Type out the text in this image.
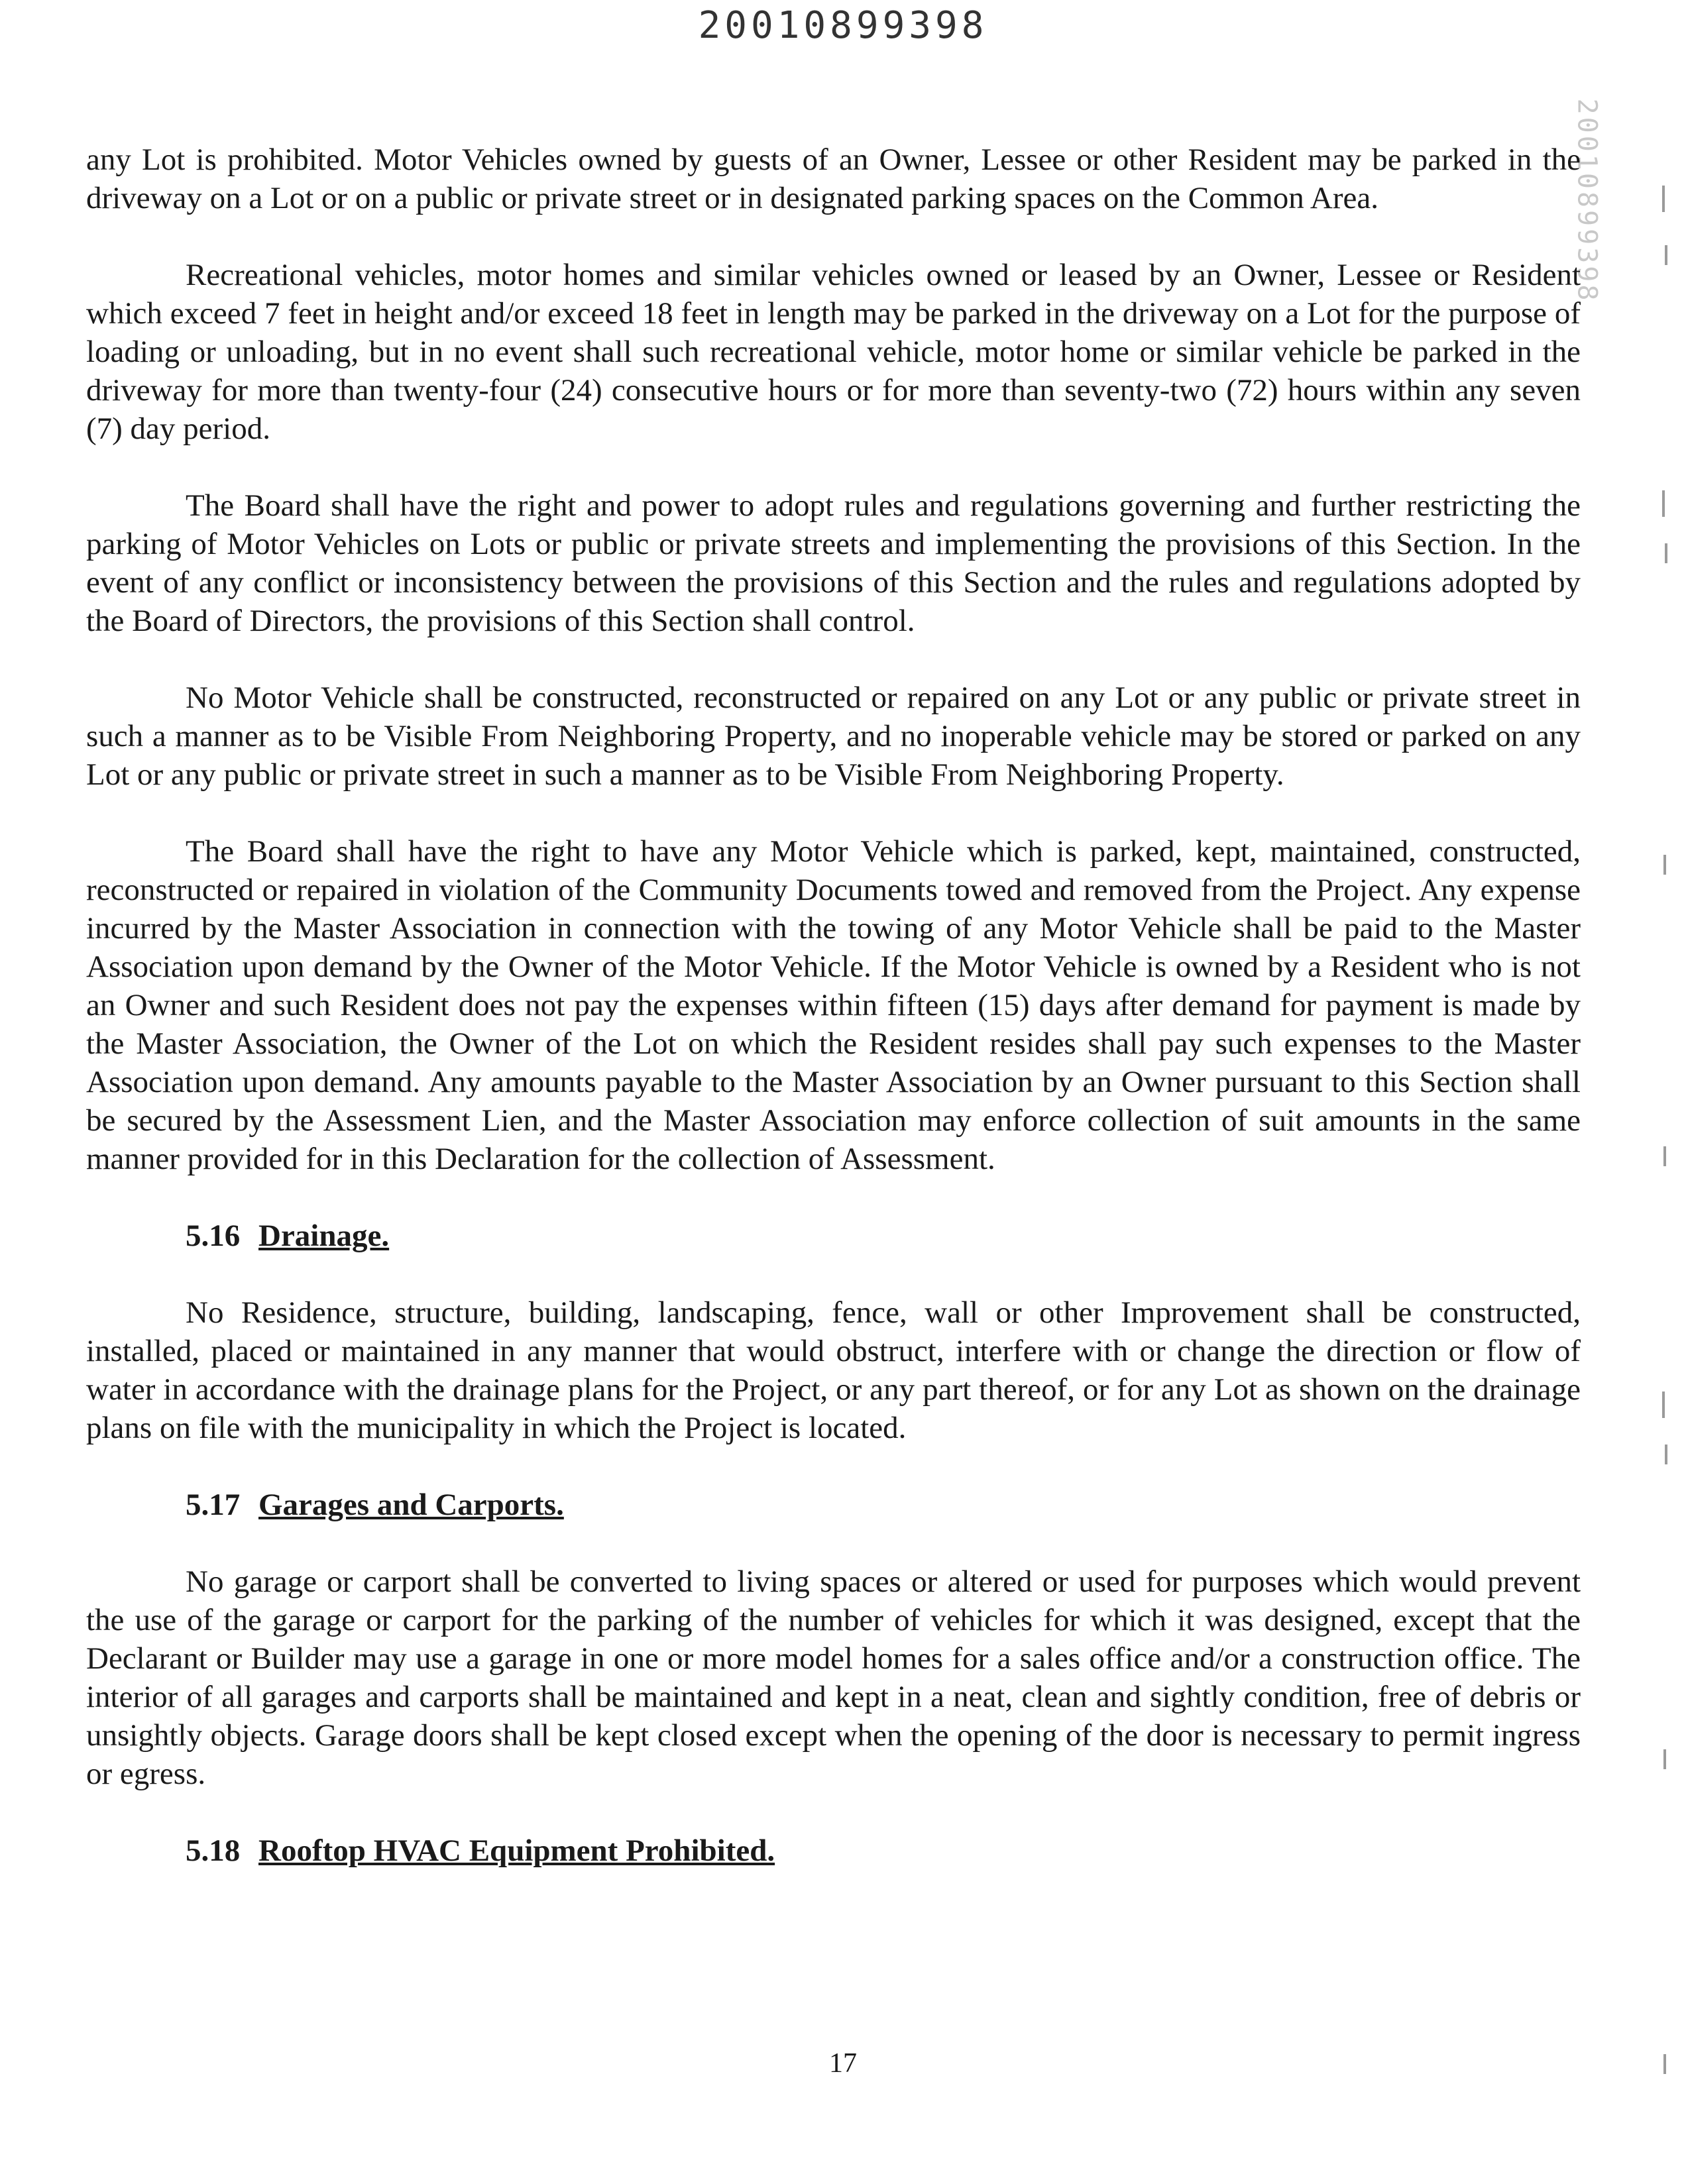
20010899398
20010899398

any Lot is prohibited. Motor Vehicles owned by guests of an Owner, Lessee or other Resident may be parked in the driveway on a Lot or on a public or private street or in designated parking spaces on the Common Area.

Recreational vehicles, motor homes and similar vehicles owned or leased by an Owner, Lessee or Resident which exceed 7 feet in height and/or exceed 18 feet in length may be parked in the driveway on a Lot for the purpose of loading or unloading, but in no event shall such recreational vehicle, motor home or similar vehicle be parked in the driveway for more than twenty-four (24) consecutive hours or for more than seventy-two (72) hours within any seven (7) day period.

The Board shall have the right and power to adopt rules and regulations governing and further restricting the parking of Motor Vehicles on Lots or public or private streets and implementing the provisions of this Section. In the event of any conflict or inconsistency between the provisions of this Section and the rules and regulations adopted by the Board of Directors, the provisions of this Section shall control.

No Motor Vehicle shall be constructed, reconstructed or repaired on any Lot or any public or private street in such a manner as to be Visible From Neighboring Property, and no inoperable vehicle may be stored or parked on any Lot or any public or private street in such a manner as to be Visible From Neighboring Property.

The Board shall have the right to have any Motor Vehicle which is parked, kept, maintained, constructed, reconstructed or repaired in violation of the Community Documents towed and removed from the Project. Any expense incurred by the Master Association in connection with the towing of any Motor Vehicle shall be paid to the Master Association upon demand by the Owner of the Motor Vehicle. If the Motor Vehicle is owned by a Resident who is not an Owner and such Resident does not pay the expenses within fifteen (15) days after demand for payment is made by the Master Association, the Owner of the Lot on which the Resident resides shall pay such expenses to the Master Association upon demand. Any amounts payable to the Master Association by an Owner pursuant to this Section shall be secured by the Assessment Lien, and the Master Association may enforce collection of suit amounts in the same manner provided for in this Declaration for the collection of Assessment.

5.16 Drainage.

No Residence, structure, building, landscaping, fence, wall or other Improvement shall be constructed, installed, placed or maintained in any manner that would obstruct, interfere with or change the direction or flow of water in accordance with the drainage plans for the Project, or any part thereof, or for any Lot as shown on the drainage plans on file with the municipality in which the Project is located.

5.17 Garages and Carports.

No garage or carport shall be converted to living spaces or altered or used for purposes which would prevent the use of the garage or carport for the parking of the number of vehicles for which it was designed, except that the Declarant or Builder may use a garage in one or more model homes for a sales office and/or a construction office. The interior of all garages and carports shall be maintained and kept in a neat, clean and sightly condition, free of debris or unsightly objects. Garage doors shall be kept closed except when the opening of the door is necessary to permit ingress or egress.

5.18 Rooftop HVAC Equipment Prohibited.
17
